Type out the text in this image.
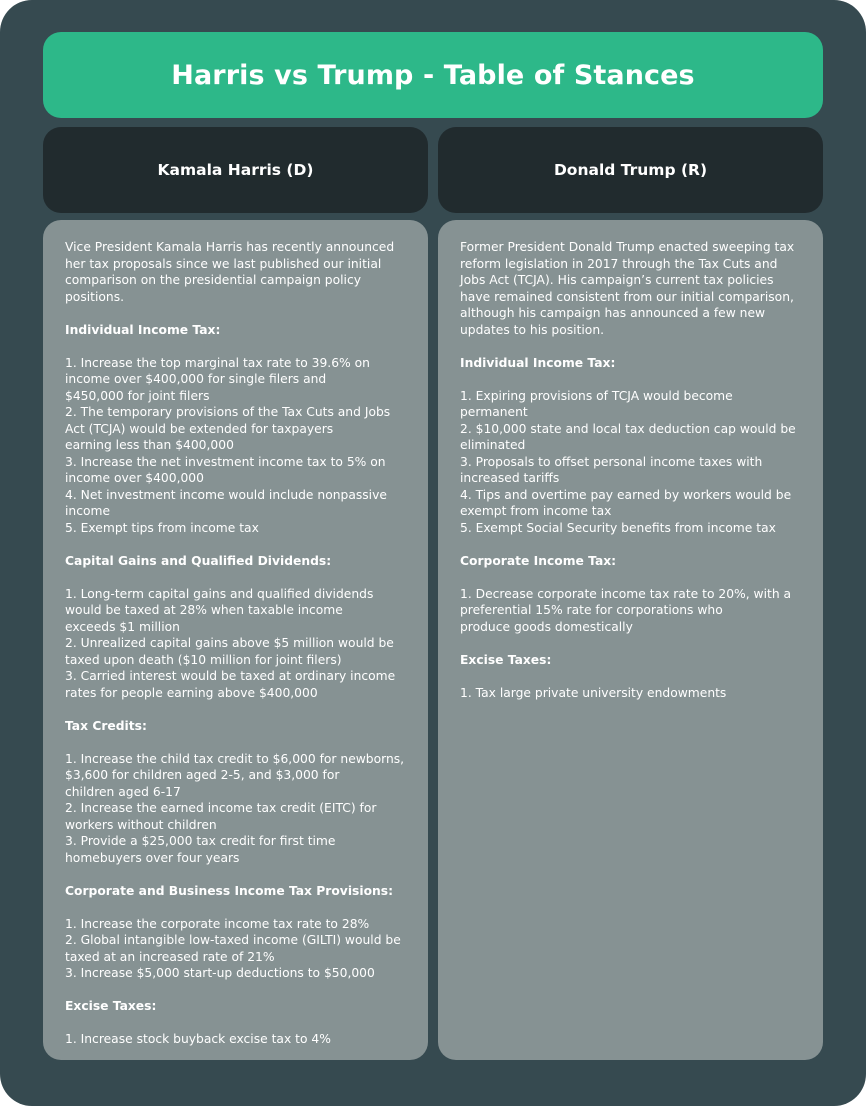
Harris vs Trump - Table of Stances
Kamala Harris (D)	Donald Trump (R)

Vice President Kamala Harris has recently announced her tax proposals since we last published our initial comparison on the presidential campaign policy positions.

Individual Income Tax:

1. Increase the top marginal tax rate to 39.6% on income over $400,000 for single filers and
$450,000 for joint filers
2. The temporary provisions of the Tax Cuts and Jobs Act (TCJA) would be extended for taxpayers
earning less than $400,000
3. Increase the net investment income tax to 5% on income over $400,000
4. Net investment income would include nonpassive income
5. Exempt tips from income tax

Capital Gains and Qualified Dividends:

1. Long-term capital gains and qualified dividends would be taxed at 28% when taxable income
exceeds $1 million
2. Unrealized capital gains above $5 million would be taxed upon death ($10 million for joint filers)
3. Carried interest would be taxed at ordinary income rates for people earning above $400,000

Tax Credits:

1. Increase the child tax credit to $6,000 for newborns, $3,600 for children aged 2-5, and $3,000 for
children aged 6-17
2. Increase the earned income tax credit (EITC) for workers without children
3. Provide a $25,000 tax credit for first time homebuyers over four years

Corporate and Business Income Tax Provisions:

1. Increase the corporate income tax rate to 28%
2. Global intangible low-taxed income (GILTI) would be taxed at an increased rate of 21%
3. Increase $5,000 start-up deductions to $50,000

Excise Taxes:

1. Increase stock buyback excise tax to 4%

Former President Donald Trump enacted sweeping tax reform legislation in 2017 through the Tax Cuts and Jobs Act (TCJA). His campaign’s current tax policies have remained consistent from our initial comparison, although his campaign has announced a few new updates to his position.

Individual Income Tax:

1. Expiring provisions of TCJA would become permanent
2. $10,000 state and local tax deduction cap would be eliminated
3. Proposals to offset personal income taxes with increased tariffs
4. Tips and overtime pay earned by workers would be exempt from income tax
5. Exempt Social Security benefits from income tax

Corporate Income Tax:

1. Decrease corporate income tax rate to 20%, with a preferential 15% rate for corporations who
produce goods domestically

Excise Taxes:

1. Tax large private university endowments
